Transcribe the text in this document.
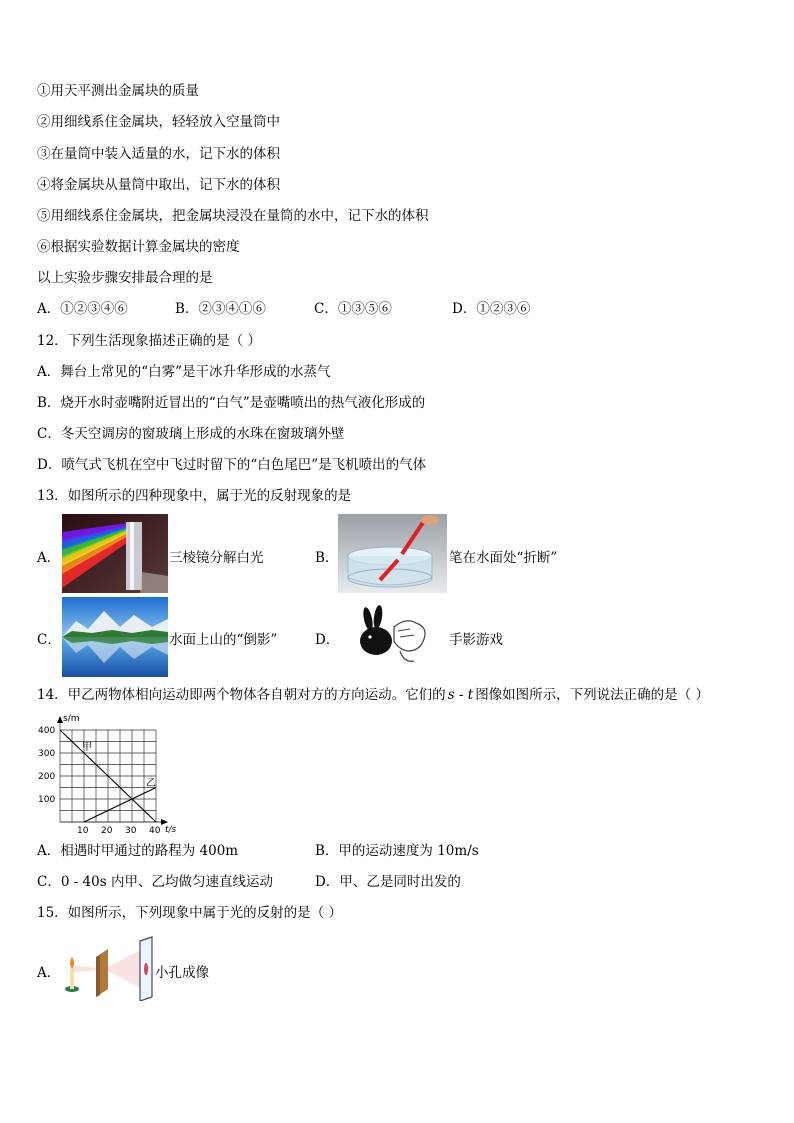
①用天平测出金属块的质量
②用细线系住金属块，轻轻放入空量筒中
③在量筒中装入适量的水，记下水的体积
④将金属块从量筒中取出，记下水的体积
⑤用细线系住金属块，把金属块浸没在量筒的水中，记下水的体积
⑥根据实验数据计算金属块的密度
以上实验步骤安排最合理的是
A．①②③④⑥	B．②③④①⑥	C．①③⑤⑥	D．①②③⑥
12．下列生活现象描述正确的是（ ）
A．舞台上常见的“白雾”是干冰升华形成的水蒸气
B．烧开水时壶嘴附近冒出的“白气”是壶嘴喷出的热气液化形成的
C．冬天空调房的窗玻璃上形成的水珠在窗玻璃外壁
D．喷气式飞机在空中飞过时留下的“白色尾巴”是飞机喷出的气体
13．如图所示的四种现象中，属于光的反射现象的是
A．	三棱镜分解白光	B．	笔在水面处“折断”
C．	水面上山的“倒影”	D．	手影游戏
14．甲乙两物体相向运动即两个物体各自朝对方的方向运动。它们的 s - t 图像如图所示，下列说法正确的是（ ）
s/m
400
300
200
100
10 20 30 40 t/s
甲
乙
A．相遇时甲通过的路程为 400m	B．甲的运动速度为 10m/s
C．0 - 40s 内甲、乙均做匀速直线运动	D．甲、乙是同时出发的
15．如图所示，下列现象中属于光的反射的是（ ）
A．	小孔成像
